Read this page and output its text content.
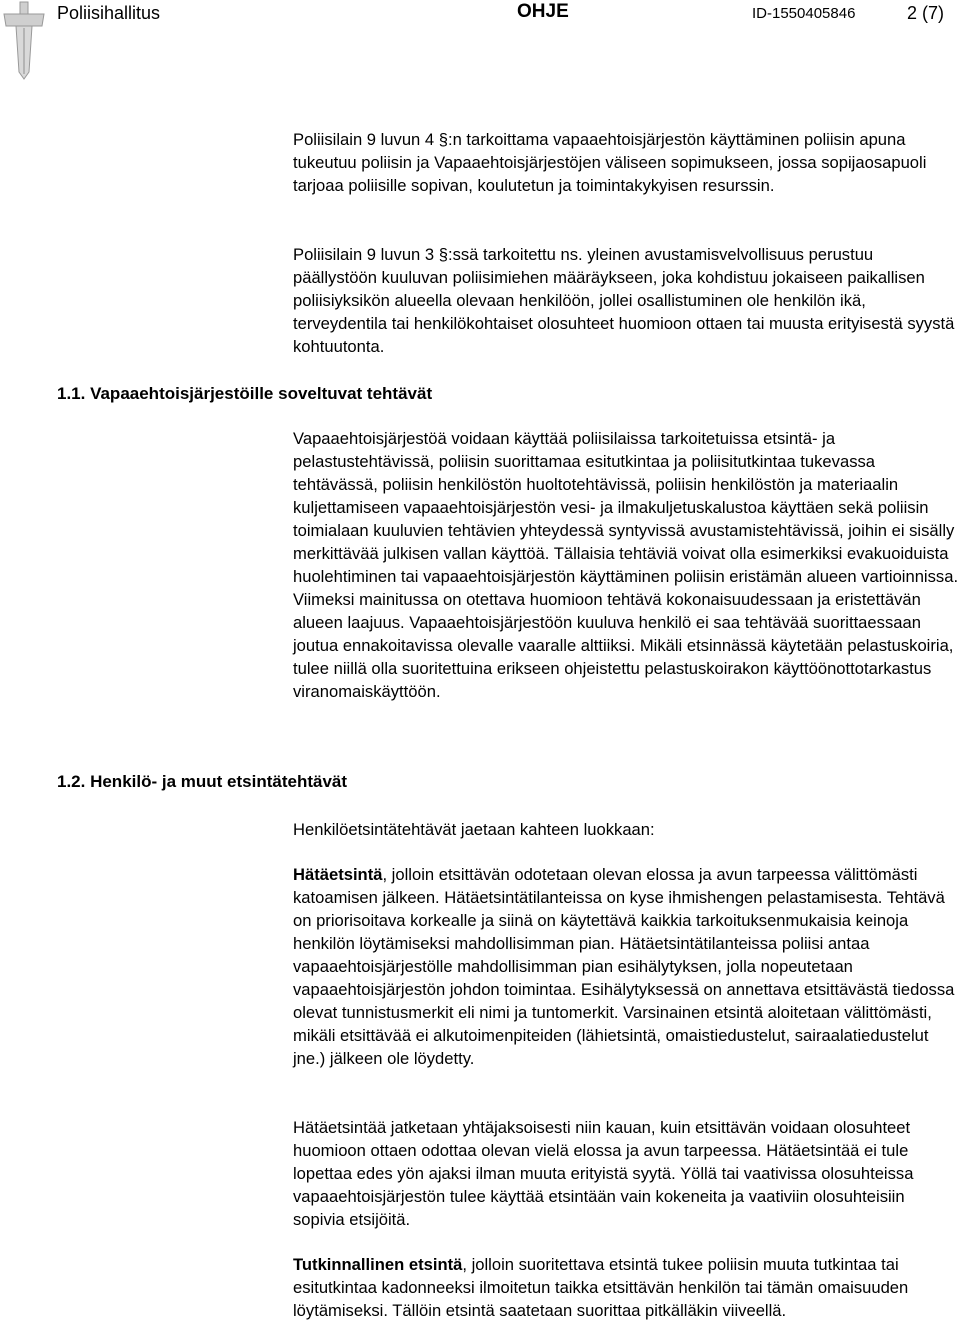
Poliisihallitus	OHJE	ID-1550405846	2 (7)

Poliisilain 9 luvun 4 §:n tarkoittama vapaaehtoisjärjestön käyttäminen poliisin apuna tukeutuu poliisin ja Vapaaehtoisjärjestöjen väliseen sopimukseen, jossa sopijaosapuoli tarjoaa poliisille sopivan, koulutetun ja toimintakykyisen resurssin.

Poliisilain 9 luvun 3 §:ssä tarkoitettu ns. yleinen avustamisvelvollisuus perustuu päällystöön kuuluvan poliisimiehen määräykseen, joka kohdistuu jokaiseen paikallisen poliisiyksikön alueella olevaan henkilöön, jollei osallistuminen ole henkilön ikä, terveydentila tai henkilökohtaiset olosuhteet huomioon ottaen tai muusta erityisestä syystä kohtuutonta.

1.1. Vapaaehtoisjärjestöille soveltuvat tehtävät

Vapaaehtoisjärjestöä voidaan käyttää poliisilaissa tarkoitetuissa etsintä- ja pelastustehtävissä, poliisin suorittamaa esitutkintaa ja poliisitutkintaa tukevassa tehtävässä, poliisin henkilöstön huoltotehtävissä, poliisin henkilöstön ja materiaalin kuljettamiseen vapaaehtoisjärjestön vesi- ja ilmakuljetuskalustoa käyttäen sekä poliisin toimialaan kuuluvien tehtävien yhteydessä syntyvissä avustamistehtävissä, joihin ei sisälly merkittävää julkisen vallan käyttöä. Tällaisia tehtäviä voivat olla esimerkiksi evakuoiduista huolehtiminen tai vapaaehtoisjärjestön käyttäminen poliisin eristämän alueen vartioinnissa. Viimeksi mainitussa on otettava huomioon tehtävä kokonaisuudessaan ja eristettävän alueen laajuus. Vapaaehtoisjärjestöön kuuluva henkilö ei saa tehtävää suorittaessaan joutua ennakoitavissa olevalle vaaralle alttiiksi. Mikäli etsinnässä käytetään pelastuskoiria, tulee niillä olla suoritettuina erikseen ohjeistettu pelastuskoirakon käyttöönottotarkastus viranomaiskäyttöön.

1.2. Henkilö- ja muut etsintätehtävät

Henkilöetsintätehtävät jaetaan kahteen luokkaan:

Hätäetsintä, jolloin etsittävän odotetaan olevan elossa ja avun tarpeessa välittömästi katoamisen jälkeen. Hätäetsintätilanteissa on kyse ihmishengen pelastamisesta. Tehtävä on priorisoitava korkealle ja siinä on käytettävä kaikkia tarkoituksenmukaisia keinoja henkilön löytämiseksi mahdollisimman pian. Hätäetsintätilanteissa poliisi antaa vapaaehtoisjärjestölle mahdollisimman pian esihälytyksen, jolla nopeutetaan vapaaehtoisjärjestön johdon toimintaa. Esihälytyksessä on annettava etsittävästä tiedossa olevat tunnistusmerkit eli nimi ja tuntomerkit. Varsinainen etsintä aloitetaan välittömästi, mikäli etsittävää ei alkutoimenpiteiden (lähietsintä, omaistiedustelut, sairaalatiedustelut jne.) jälkeen ole löydetty.

Hätäetsintää jatketaan yhtäjaksoisesti niin kauan, kuin etsittävän voidaan olosuhteet huomioon ottaen odottaa olevan vielä elossa ja avun tarpeessa. Hätäetsintää ei tule lopettaa edes yön ajaksi ilman muuta erityistä syytä. Yöllä tai vaativissa olosuhteissa vapaaehtoisjärjestön tulee käyttää etsintään vain kokeneita ja vaativiin olosuhteisiin sopivia etsijöitä.

Tutkinnallinen etsintä, jolloin suoritettava etsintä tukee poliisin muuta tutkintaa tai esitutkintaa kadonneeksi ilmoitetun taikka etsittävän henkilön tai tämän omaisuuden löytämiseksi. Tällöin etsintä saatetaan suorittaa pitkälläkin viiveellä.
